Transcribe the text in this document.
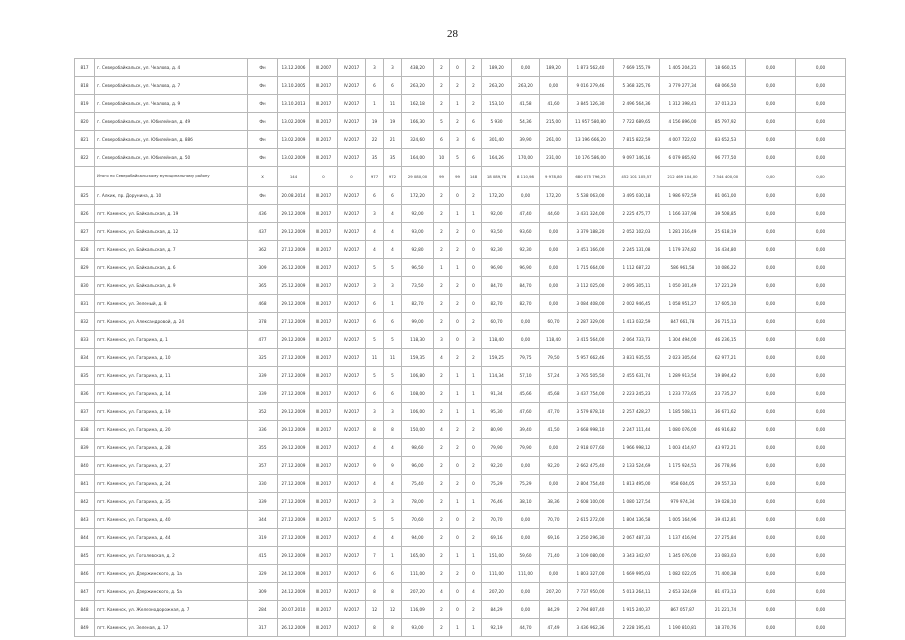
28
817	г. Северобайкальск, ул. Чкалова, д. 4	Фн	13.12.2006	III.2007	IV.2017	3	3	438,20	2	0	2	189,20	0,00	189,20	1 873 562,40	7 669 155,79	1 405 204,21	18 660,15	0,00	0,00
818	г. Северобайкальск, ул. Чкалова, д. 7	Фн	13.10.2005	III.2017	IV.2017	6	6	263,20	2	2	2	263,20	263,20	0,00	9 016 279,46	5 368 325,76	3 779 277,34	68 066,50	0,00	0,00
819	г. Северобайкальск, ул. Чкалова, д. 9	Фн	13.10.2013	III.2017	IV.2017	1	11	162,18	2	1	2	153,10	41,58	41,60	3 845 126,30	2 496 564,36	1 312 398,41	37 013,23	0,00	0,00
820	г. Северобайкальск, ул. Юбилейная, д. 49	Фн	13.02.2009	III.2017	IV.2017	19	19	166,30	5	2	6	5 930	54,36	215,00	11 957 580,80	7 722 689,65	4 156 896,00	85 797,92	0,00	0,00
821	г. Северобайкальск, ул. Юбилейная, д. 88б	Фн	13.02.2009	III.2017	IV.2017	22	21	324,60	6	3	6	301,40	39,90	261,00	13 196 666,20	7 815 822,59	4 007 722,02	83 652,53	0,00	0,00
822	г. Северобайкальск, ул. Юбилейная, д. 50	Фн	13.02.2009	III.2017	IV.2017	35	35	164,00	10	5	6	164,26	170,00	231,00	10 176 586,00	9 097 146,16	6 079 865,92	96 777,50	0,00	0,00
	Итого по Северобайкальскому муниципальному району	Х	144	0	0	977	972	29 080,00	99	99	148	18 089,76	8 110,98	9 978,80	680 075 796,23	452 101 105,57	212 469 104,00	7 344 400,00	0,00	0,00
825	г. Алкик, пр. Дорунина, д. 10	Фн	20.08.2014	III.2017	IV.2017	6	6	172,20	2	0	2	172,20	0,00	172,20	5 538 063,00	3 495 030,18	1 986 972,59	81 061,00	0,00	0,00
826	пгт. Каменск, ул. Байкальская, д. 19	436	29.12.2009	III.2017	IV.2017	3	4	92,00	2	1	1	92,00	47,40	44,60	3 431 324,00	2 225 475,77	1 166 337,98	39 508,85	0,00	0,00
827	пгт. Каменск, ул. Байкальская, д. 12	437	29.12.2009	III.2017	IV.2017	4	4	93,00	2	2	0	93,50	93,60	0,00	3 379 188,20	2 052 102,03	1 281 216,49	25 618,19	0,00	0,00
828	пгт. Каменск, ул. Байкальская, д. 7	362	27.12.2009	III.2017	IV.2017	4	4	92,80	2	2	0	92,30	92,30	0,00	3 451 166,00	2 245 131,08	1 179 374,82	16 434,80	0,00	0,00
829	пгт. Каменск, ул. Байкальская, д. 6	309	26.12.2009	III.2017	IV.2017	5	5	96,50	1	1	0	96,90	96,90	0,00	1 715 664,00	1 112 687,22	586 961,58	10 086,22	0,00	0,00
830	пгт. Каменск, ул. Байкальская, д. 9	365	25.12.2009	III.2017	IV.2017	3	3	73,50	2	2	0	84,70	84,70	0,00	3 112 025,00	2 095 305,11	1 050 301,49	17 221,29	0,00	0,00
831	пгт. Каменск, ул. Зеленый, д. 8	468	29.12.2009	III.2017	IV.2017	6	1	82,70	2	2	0	82,70	82,70	0,00	3 084 408,00	2 002 946,45	1 058 951,27	17 605,10	0,00	0,00
832	пгт. Каменск, ул. Александровой, д. 24	378	27.12.2009	III.2017	IV.2017	6	6	99,00	2	0	2	60,70	0,00	60,70	2 287 329,00	1 413 032,59	847 661,78	26 715,13	0,00	0,00
833	пгт. Каменск, ул. Гагарина, д. 1	477	29.12.2009	III.2017	IV.2017	5	5	118,30	3	0	3	118,40	0,00	118,40	3 415 564,00	2 064 733,73	1 304 494,00	46 236,15	0,00	0,00
834	пгт. Каменск, ул. Гагарина, д. 10	325	27.12.2009	III.2017	IV.2017	11	11	159,35	4	2	2	159,25	79,75	79,50	5 957 662,46	3 831 935,55	2 023 305,64	62 977,21	0,00	0,00
835	пгт. Каменск, ул. Гагарина, д. 11	339	27.12.2009	III.2017	IV.2017	5	5	106,80	2	1	1	114,34	57,10	57,24	3 765 505,50	2 455 631,74	1 289 913,54	19 894,42	0,00	0,00
836	пгт. Каменск, ул. Гагарина, д. 14	339	27.12.2009	III.2017	IV.2017	6	6	108,00	2	1	1	91,34	45,66	45,68	3 437 754,00	2 223 245,23	1 233 773,65	23 735,27	0,00	0,00
837	пгт. Каменск, ул. Гагарина, д. 19	352	29.12.2009	III.2017	IV.2017	3	3	106,00	2	1	1	95,30	47,60	47,70	3 579 878,10	2 257 428,27	1 185 508,11	36 671,62	0,00	0,00
838	пгт. Каменск, ул. Гагарина, д. 20	336	29.12.2009	III.2017	IV.2017	8	8	150,00	4	2	2	80,90	39,40	41,50	3 668 998,10	2 247 111,44	1 080 076,00	46 916,82	0,00	0,00
839	пгт. Каменск, ул. Гагарина, д. 28	355	29.12.2009	III.2017	IV.2017	4	4	98,60	2	2	0	79,90	79,90	0,00	2 918 077,60	1 966 998,12	1 003 414,97	43 972,21	0,00	0,00
840	пгт. Каменск, ул. Гагарина, д. 27	357	27.12.2009	III.2017	IV.2017	9	9	96,00	2	0	2	92,20	0,00	92,20	2 662 475,40	2 133 524,69	1 175 924,51	26 778,96	0,00	0,00
841	пгт. Каменск, ул. Гагарина, д. 24	330	27.12.2009	III.2017	IV.2017	4	4	75,40	2	2	0	75,29	75,29	0,00	2 804 754,40	1 813 495,00	958 604,05	29 557,33	0,00	0,00
842	пгт. Каменск, ул. Гагарина, д. 35	339	27.12.2009	III.2017	IV.2017	3	3	78,00	2	1	1	76,46	38,10	38,36	2 608 100,00	1 080 127,54	979 974,34	19 028,10	0,00	0,00
843	пгт. Каменск, ул. Гагарина, д. 40	344	27.12.2009	III.2017	IV.2017	5	5	70,60	2	0	2	70,70	0,00	70,70	2 615 272,00	1 804 136,58	1 005 164,96	39 412,81	0,00	0,00
844	пгт. Каменск, ул. Гагарина, д. 44	319	27.12.2009	III.2017	IV.2017	4	4	94,00	2	0	2	69,16	0,00	69,16	3 250 296,30	2 067 487,33	1 137 416,94	27 275,84	0,00	0,00
845	пгт. Каменск, ул. Гоголевская, д. 2	415	29.12.2009	III.2017	IV.2017	7	1	165,00	2	1	1	151,00	59,60	71,40	3 109 080,00	3 343 342,97	1 345 076,00	23 083,03	0,00	0,00
846	пгт. Каменск, ул. Дзержинского, д. 1а	329	24.12.2009	III.2017	IV.2017	6	6	111,00	2	2	0	111,00	111,00	0,00	1 803 327,00	1 669 995,03	1 082 022,05	71 400,38	0,00	0,00
847	пгт. Каменск, ул. Дзержинского, д. 5а	309	24.12.2009	III.2017	IV.2017	8	8	207,20	4	0	4	207,20	0,00	207,20	7 737 950,00	5 013 264,11	2 653 324,69	81 473,13	0,00	0,00
848	пгт. Каменск, ул. Железнодорожная, д. 7	284	20.07.2010	III.2017	IV.2017	12	12	116,09	2	0	2	84,29	0,00	84,29	2 794 807,40	1 915 240,37	867 057,87	21 221,74	0,00	0,00
849	пгт. Каменск, ул. Зеленая, д. 17	317	26.12.2009	III.2017	IV.2017	8	8	93,00	2	1	1	92,19	44,70	47,49	3 436 962,36	2 228 195,41	1 190 810,81	18 370,76	0,00	0,00
